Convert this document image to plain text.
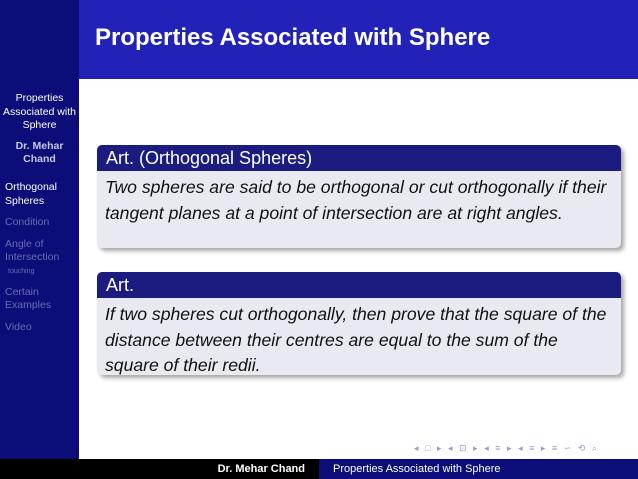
Properties Associated with Sphere
Dr. Mehar Chand
Orthogonal Spheres
Condition
Angle of Intersection
touching
Certain Examples
Video
Properties Associated with Sphere
Art. (Orthogonal Spheres)
Two spheres are said to be orthogonal or cut orthogonally if their tangent planes at a point of intersection are at right angles.
Art.
If two spheres cut orthogonally, then prove that the square of the distance between their centres are equal to the sum of the square of their redii.
◂ □ ▸ ◂ ⊡ ▸ ◂ ≡ ▸ ◂ ≡ ▸ ≡ ∽ ⟲ ⌕
Dr. Mehar Chand	Properties Associated with Sphere
